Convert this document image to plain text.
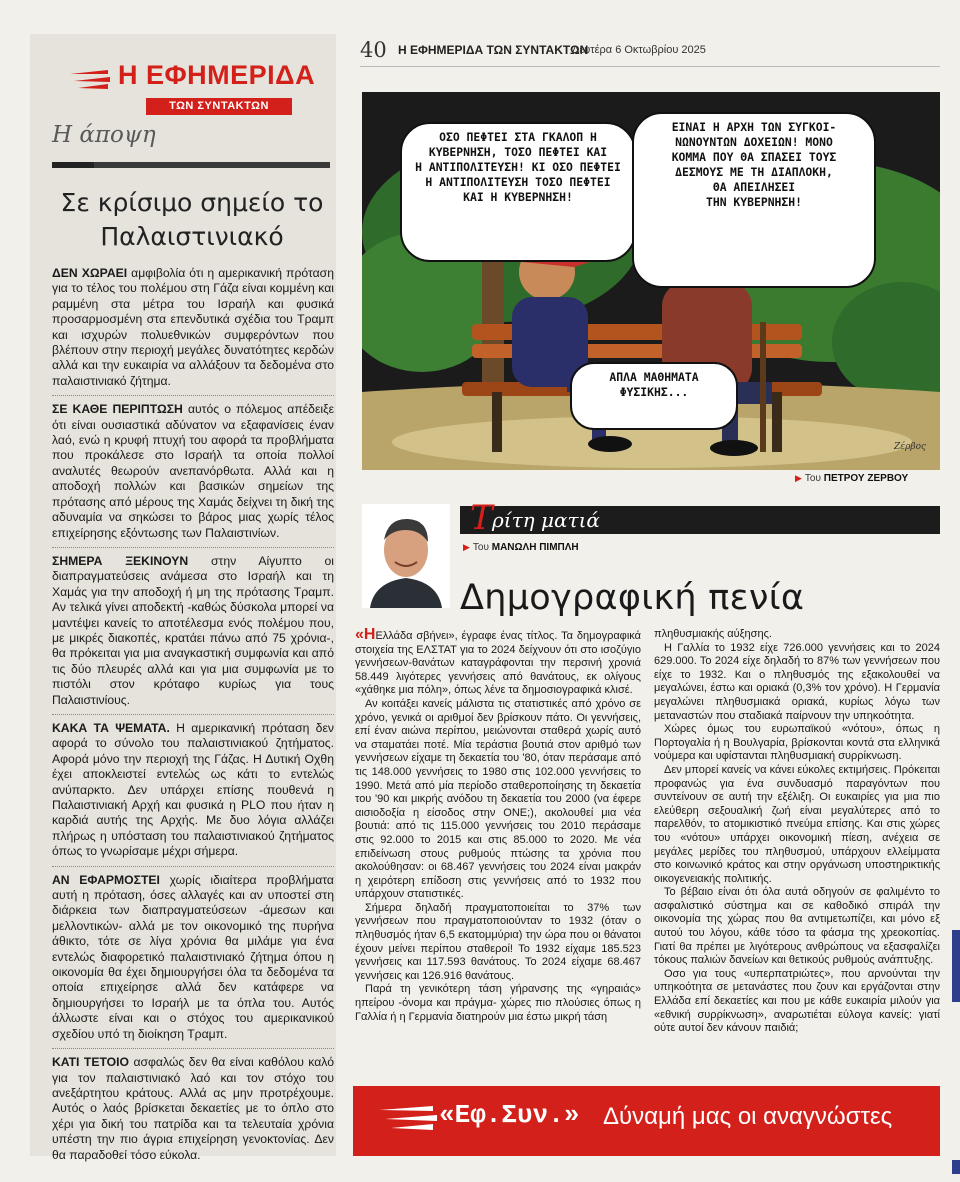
Η ΕΦΗΜΕΡΙΔΑ
ΤΩΝ ΣΥΝΤΑΚΤΩΝ
Η άποψη
Σε κρίσιμο σημείο το Παλαιστινιακό

ΔΕΝ ΧΩΡΑΕΙ αμφιβολία ότι η αμερικανική πρόταση για το τέλος του πολέμου στη Γάζα είναι κομμένη και ραμμένη στα μέτρα του Ισραήλ και φυσικά προσαρμοσμένη στα επενδυτικά σχέδια του Τραμπ και ισχυρών πολυεθνικών συμφερόντων που βλέπουν στην περιοχή μεγάλες δυνατότητες κερδών αλλά και την ευκαιρία να αλλάξουν τα δεδομένα στο παλαιστινιακό ζήτημα.

ΣΕ ΚΑΘΕ ΠΕΡΙΠΤΩΣΗ αυτός ο πόλεμος απέδειξε ότι είναι ουσιαστικά αδύνατον να εξαφανίσεις έναν λαό, ενώ η κρυφή πτυχή του αφορά τα προβλήματα που προκάλεσε στο Ισραήλ τα οποία πολλοί αναλυτές θεωρούν ανεπανόρθωτα. Αλλά και η αποδοχή πολλών και βασικών σημείων της πρότασης από μέρους της Χαμάς δείχνει τη δική της αδυναμία να σηκώσει το βάρος μιας χωρίς τέλος επιχείρησης εξόντωσης των Παλαιστινίων.

ΣΗΜΕΡΑ ΞΕΚΙΝΟΥΝ στην Αίγυπτο οι διαπραγματεύσεις ανάμεσα στο Ισραήλ και τη Χαμάς για την αποδοχή ή μη της πρότασης Τραμπ. Αν τελικά γίνει αποδεκτή -καθώς δύσκολα μπορεί να μαντέψει κανείς το αποτέλεσμα ενός πολέμου που, με μικρές διακοπές, κρατάει πάνω από 75 χρόνια-, θα πρόκειται για μια αναγκαστική συμφωνία και από τις δύο πλευρές αλλά και για μια συμφωνία με το πιστόλι στον κρόταφο κυρίως για τους Παλαιστινίους.

ΚΑΚΑ ΤΑ ΨΕΜΑΤΑ. Η αμερικανική πρόταση δεν αφορά το σύνολο του παλαιστινιακού ζητήματος. Αφορά μόνο την περιοχή της Γάζας. Η Δυτική Οχθη έχει αποκλειστεί εντελώς ως κάτι το εντελώς ανύπαρκτο. Δεν υπάρχει επίσης πουθενά η Παλαιστινιακή Αρχή και φυσικά η PLO που ήταν η καρδιά αυτής της Αρχής. Με δυο λόγια αλλάζει πλήρως η υπόσταση του παλαιστινιακού ζητήματος όπως το γνωρίσαμε μέχρι σήμερα.

ΑΝ ΕΦΑΡΜΟΣΤΕΙ χωρίς ιδιαίτερα προβλήματα αυτή η πρόταση, όσες αλλαγές και αν υποστεί στη διάρκεια των διαπραγματεύσεων -άμεσων και μελλοντικών- αλλά με τον οικονομικό της πυρήνα άθικτο, τότε σε λίγα χρόνια θα μιλάμε για ένα εντελώς διαφορετικό παλαιστινιακό ζήτημα όπου η οικονομία θα έχει δημιουργήσει όλα τα δεδομένα τα οποία επιχείρησε αλλά δεν κατάφερε να δημιουργήσει το Ισραήλ με τα όπλα του. Αυτός άλλωστε είναι και ο στόχος του αμερικανικού σχεδίου υπό τη διοίκηση Τραμπ.

ΚΑΤΙ ΤΕΤΟΙΟ ασφαλώς δεν θα είναι καθόλου καλό για τον παλαιστινιακό λαό και τον στόχο του ανεξάρτητου κράτους. Αλλά ας μην προτρέχουμε. Αυτός ο λαός βρίσκεται δεκαετίες με το όπλο στο χέρι για δική του πατρίδα και τα τελευταία χρόνια υπέστη την πιο άγρια επιχείρηση γενοκτονίας. Δεν θα παραδοθεί τόσο εύκολα.

40 Η ΕΦΗΜΕΡΙΔΑ ΤΩΝ ΣΥΝΤΑΚΤΩΝ
Δευτέρα 6 Οκτωβρίου 2025
ΟΣΟ ΠΕΦΤΕΙ ΣΤΑ ΓΚΑΛΟΠ Η
ΚΥΒΕΡΝΗΣΗ, ΤΟΣΟ ΠΕΦΤΕΙ ΚΑΙ
Η ΑΝΤΙΠΟΛΙΤΕΥΣΗ! ΚΙ ΟΣΟ ΠΕΦΤΕΙ
Η ΑΝΤΙΠΟΛΙΤΕΥΣΗ ΤΟΣΟ ΠΕΦΤΕΙ
ΚΑΙ Η ΚΥΒΕΡΝΗΣΗ!
ΕΙΝΑΙ Η ΑΡΧΗ ΤΩΝ ΣΥΓΚΟΙ-
ΝΩΝΟΥΝΤΩΝ ΔΟΧΕΙΩΝ! ΜΟΝΟ
ΚΟΜΜΑ ΠΟΥ ΘΑ ΣΠΑΣΕΙ ΤΟΥΣ
ΔΕΣΜΟΥΣ ΜΕ ΤΗ ΔΙΑΠΛΟΚΗ,
ΘΑ ΑΠΕΙΛΗΣΕΙ
ΤΗΝ ΚΥΒΕΡΝΗΣΗ!
ΑΠΛΑ ΜΑΘΗΜΑΤΑ
ΦΥΣΙΚΗΣ...
Ζέρβος
▶ Του ΠΕΤΡΟΥ ΖΕΡΒΟΥ
Τ ρίτη ματιά
▶ Του ΜΑΝΩΛΗ ΠΙΜΠΛΗ
Δημογραφική πενία

«ΗΕλλάδα σβήνει», έγραφε ένας τίτλος. Τα δημογραφικά στοιχεία της ΕΛΣΤΑΤ για το 2024 δείχνουν ότι στο ισοζύγιο γεννήσεων-θανάτων καταγράφονται την περσινή χρονιά 58.449 λιγότερες γεννήσεις από θανάτους, εκ ολίγους «χάθηκε μια πόλη», όπως λένε τα δημοσιογραφικά κλισέ.

Αν κοιτάξει κανείς μάλιστα τις στατιστικές από χρόνο σε χρόνο, γενικά οι αριθμοί δεν βρίσκουν πάτο. Οι γεννήσεις, επί έναν αιώνα περίπου, μειώνονται σταθερά χωρίς αυτό να σταματάει ποτέ. Μία τεράστια βουτιά στον αριθμό των γεννήσεων είχαμε τη δεκαετία του '80, όταν περάσαμε από τις 148.000 γεννήσεις το 1980 στις 102.000 γεννήσεις το 1990. Μετά από μία περίοδο σταθεροποίησης τη δεκαετία του '90 και μικρής ανόδου τη δεκαετία του 2000 (να έφερε αισιοδοξία η είσοδος στην ONE;), ακολουθεί μια νέα βουτιά: από τις 115.000 γεννήσεις του 2010 περάσαμε στις 92.000 το 2015 και στις 85.000 το 2020. Με νέα επιδείνωση στους ρυθμούς πτώσης τα χρόνια που ακολούθησαν: οι 68.467 γεννήσεις του 2024 είναι μακράν η χειρότερη επίδοση στις γεννήσεις από το 1932 που υπάρχουν στατιστικές.

Σήμερα δηλαδή πραγματοποιείται το 37% των γεννήσεων που πραγματοποιούνταν το 1932 (όταν ο πληθυσμός ήταν 6,5 εκατομμύρια) την ώρα που οι θάνατοι έχουν μείνει περίπου σταθεροί! Το 1932 είχαμε 185.523 γεννήσεις και 117.593 θανάτους. Το 2024 είχαμε 68.467 γεννήσεις και 126.916 θανάτους.

Παρά τη γενικότερη τάση γήρανσης της «γηραιάς» ηπείρου -όνομα και πράγμα- χώρες πιο πλούσιες όπως η Γαλλία ή η Γερμανία διατηρούν μια έστω μικρή τάση

πληθυσμιακής αύξησης.

Η Γαλλία το 1932 είχε 726.000 γεννήσεις και το 2024 629.000. Το 2024 είχε δηλαδή το 87% των γεννήσεων που είχε το 1932. Και ο πληθυσμός της εξακολουθεί να μεγαλώνει, έστω και οριακά (0,3% τον χρόνο). Η Γερμανία μεγαλώνει πληθυσμιακά οριακά, κυρίως λόγω των μεταναστών που σταδιακά παίρνουν την υπηκοότητα.

Χώρες όμως του ευρωπαϊκού «νότου», όπως η Πορτογαλία ή η Βουλγαρία, βρίσκονται κοντά στα ελληνικά νούμερα και υφίστανται πληθυσμιακή συρρίκνωση.

Δεν μπορεί κανείς να κάνει εύκολες εκτιμήσεις. Πρόκειται προφανώς για ένα συνδυασμό παραγόντων που συντείνουν σε αυτή την εξέλιξη. Οι ευκαιρίες για μια πιο ελεύθερη σεξουαλική ζωή είναι μεγαλύτερες από το παρελθόν, το ατομικιστικό πνεύμα επίσης. Και στις χώρες του «νότου» υπάρχει οικονομική πίεση, ανέχεια σε μεγάλες μερίδες του πληθυσμού, υπάρχουν ελλείμματα στο κοινωνικό κράτος και στην οργάνωση υποστηρικτικής οικογενειακής πολιτικής.

Το βέβαιο είναι ότι όλα αυτά οδηγούν σε φαλιμέντο το ασφαλιστικό σύστημα και σε καθοδικό σπιράλ την οικονομία της χώρας που θα αντιμετωπίζει, και μόνο εξ αυτού του λόγου, κάθε τόσο τα φάσμα της χρεοκοπίας. Γιατί θα πρέπει με λιγότερους ανθρώπους να εξασφαλίζει τόκους παλιών δανείων και θετικούς ρυθμούς ανάπτυξης.

Οσο για τους «υπερπατριώτες», που αρνούνται την υπηκοότητα σε μετανάστες που ζουν και εργάζονται στην Ελλάδα επί δεκαετίες και που με κάθε ευκαιρία μιλούν για «εθνική συρρίκνωση», αναρωτιέται εύλογα κανείς: γιατί ούτε αυτοί δεν κάνουν παιδιά;

«Εφ.Συν.» Δύναμή μας οι αναγνώστες
